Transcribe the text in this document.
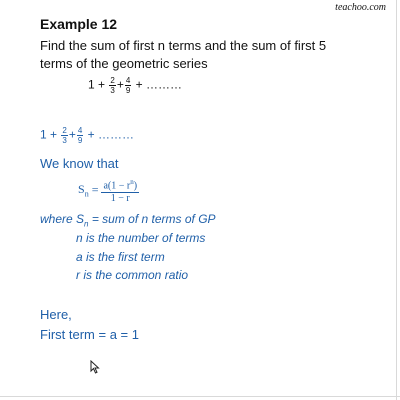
teachoo.com
Example 12
Find the sum of first n terms and the sum of first 5
terms of the geometric series
$1 + \frac{2}{3} + \frac{4}{9}$ + ………
$1 + \frac{2}{3} + \frac{4}{9}$ + ………
We know that
$S_n = \frac{a(1 - r^n)}{1 - r}$
where $S_n$ = sum of n terms of GP
n is the number of terms
a is the first term
r is the common ratio
Here,
First term = a = 1
